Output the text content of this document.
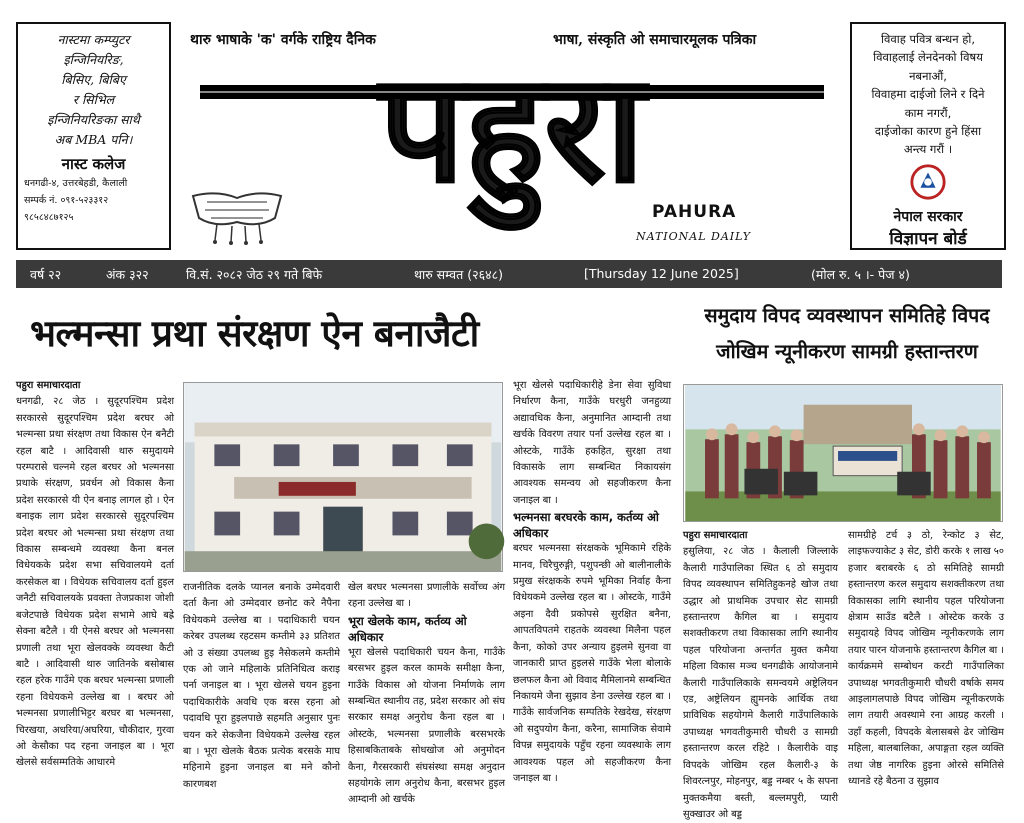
नास्टमा कम्प्युटर
इन्जिनियरिङ,
बिसिए, बिबिए
र सिभिल
इन्जिनियरिङका साथै
अब MBA पनि।
नास्ट कलेज
धनगढी-४, उत्तरबेहडी, कैलाली
सम्पर्क नं. ०९१-५२३३१२
९८५८४८७१२५
थारु भाषाके 'क' वर्गके राष्ट्रिय दैनिक	भाषा, संस्कृति ओ समाचारमूलक पत्रिका
पहुरा PAHURA
NATIONAL DAILY
विवाह पवित्र बन्धन हो,
विवाहलाई लेनदेनको विषय
नबनाऔं,
विवाहमा दाईजो लिने र दिने
काम नगरौं,
दाईजोका कारण हुने हिंसा
अन्त्य गरौं ।
नेपाल सरकार
विज्ञापन बोर्ड
वर्ष २२	अंक ३२२	वि.सं. २०८२ जेठ २९ गते बिफे	थारु सम्वत (२६४८)	[Thursday 12 June 2025]	(मोल रु. ५ ।- पेज ४)
भल्मन्सा प्रथा संरक्षण ऐन बनाजैटी

पहुरा समाचारदाता

धनगढी, २८ जेठ । सुदूरपश्चिम प्रदेश सरकारसे सुदूरपश्चिम प्रदेश बरघर ओ भल्मन्सा प्रथा संरक्षण तथा विकास ऐन बनैटी रहल बाटै । आदिवासी थारु समुदायमे परम्परासे चल्नमे रहल बरघर ओ भल्मनसा प्रथाके संरक्षण, प्रवर्धन ओ विकास कैना प्रदेश सरकारसे यी ऐन बनाइ लागल हो । ऐन बनाइक लाग प्रदेश सरकारसे सुदूरपश्चिम प्रदेश बरघर ओ भल्मन्सा प्रथा संरक्षण तथा विकास सम्बन्धमे व्यवस्था कैना बनल विधेयकके प्रदेश सभा सचिवालयमे दर्ता करसेकल बा । विधेयक सचिवालय दर्ता हुइल जनैटी सचिवालयके प्रवक्ता तेजप्रकाश जोशी बजेटपाछे विधेयक प्रदेश सभामे आघे बह्रे सेक्ना बटैलै । यी ऐनसे बरघर ओ भल्मनसा प्रणाली तथा भूरा खेलवक्के व्यवस्था कैटी बाटै । आदिवासी थारु जातिनके बसोबास रहल हरेक गाउँमे एक बरघर भल्मन्सा प्रणाली रहना विधेयकमे उल्लेख बा । बरघर ओ भल्मनसा प्रणालीभिट्टर बरघर बा भल्मनसा, चिरखया, अधरिया/अघरिया, चौकीदार, गुरवा ओ केसौका पद रहना जनाइल बा । भूरा खेलसे सर्वसम्मतिके आधारमे

राजनीतिक दलके प्यानल बनाके उम्मेदवारी दर्ता कैना ओ उम्मेदवार छनोट करे नैपैना विधेयकमे उल्लेख बा । पदाधिकारी चयन करेबर उपलब्ध रहटसम कम्तीमे ३३ प्रतिशत ओ उ संख्या उपलब्ध हुइ नैसेकलमे कम्तीमे एक ओ जाने महिलाके प्रतिनिधित्व कराइ पर्ना जनाइल बा । भूरा खेलसे चयन हुइना पदाधिकारीके अवधि एक बरस रहना ओ पदावधि पूरा हुइलपाछे सहमति अनुसार पुनः चयन करे सेकजैना विधेयकमे उल्लेख रहल बा । भूरा खेलके बैठक प्रत्येक बरसके माघ महिनामे हुइना जनाइल बा मने कौनो कारणबश

खेल बरघर भल्मनसा प्रणालीके सर्वोच्च अंग रहना उल्लेख बा ।

भूरा खेलके काम, कर्तव्य ओ अधिकार

भूरा खेलसे पदाधिकारी चयन कैना, गाउँके बरसभर हुइल करल कामके समीक्षा कैना, गाउँके विकास ओ योजना निर्माणके लाग सम्बन्धित स्थानीय तह, प्रदेश सरकार ओ संघ सरकार समक्ष अनुरोध कैना रहल बा । ओस्टके, भल्मनसा प्रणालीके बरसभरके हिसाबकिताबके सोधखोज ओ अनुमोदन कैना, गैरसरकारी संघसंस्था समक्ष अनुदान सहयोगके लाग अनुरोध कैना, बरसभर हुइल आम्दानी ओ खर्चके

भूरा खेलसे पदाधिकारीहे डेना सेवा सुविधा निर्धारण कैना, गाउँके घरधुरी जनहुव्या अद्यावधिक कैना, अनुमानित आम्दानी तथा खर्चके विवरण तयार पर्ना उल्लेख रहल बा । ओस्टके, गाउँके हकहित, सुरक्षा तथा विकासके लाग सम्बन्धित निकायसंग आवश्यक समन्वय ओ सहजीकरण कैना जनाइल बा ।

भल्मनसा बरघरके काम, कर्तव्य ओ अधिकार

बरघर भल्मनसा संरक्षकके भूमिकामे रहिके मानव, चिरैचुरुङ्गी, पशुपन्छी ओ बालीनालीके प्रमुख संरक्षकके रुपमे भूमिका निर्वाह कैना विधेयकमे उल्लेख रहल बा । ओस्टके, गाउँमे अइना दैवी प्रकोपसे सुरक्षित बनैना, आपतविपतमे राहतके व्यवस्था मिलैना पहल कैना, कोको उपर अन्याय हुइलमे सुनवा वा जानकारी प्राप्त हुइलसे गाउँके भेला बोलाके छलफल कैना ओ विवाद मैमिलानमे सम्बन्धित निकायमे जैना सुझाव डेना उल्लेख रहल बा । गाउँके सार्वजनिक सम्पतिके रेखदेख, संरक्षण ओ सदुपयोग कैना, करैना, सामाजिक सेवामे विपन्न समुदायके पहुँच रहना व्यवस्थाके लाग आवश्यक पहल ओ सहजीकरण कैना जनाइल बा ।

समुदाय विपद व्यवस्थापन समितिहे विपद
जोखिम न्यूनीकरण सामग्री हस्तान्तरण

पहुरा समाचारदाता

हसुलिया, २८ जेठ । कैलाली जिल्लाके कैलारी गाउँपालिका स्थित ६ ठो समुदाय विपद व्यवस्थापन समितिहुकनहे खोज तथा उद्धार ओ प्राथमिक उपचार सेट सामग्री हस्तान्तरण कैगिल बा । समुदाय सशक्तीकरण तथा विकासका लागि स्थानीय पहल परियोजना अन्तर्गत मुक्त कमैया महिला विकास मञ्च धनगढीके आयोजनामे कैलारी गाउँपालिकाके समन्वयमे अष्ट्रेलियन एड, अष्ट्रेलियन ह्युमनके आर्थिक तथा प्राविधिक सहयोगमे कैलारी गाउँपालिकाके उपाध्यक्ष भगवतीकुमारी चौधरी उ सामग्री हस्तान्तरण करल रहिटे । कैलारीके वाइ विपदके जोखिम रहल कैलारी-३ के शिवरत्नपुर, मोहनपुर, बड्ड नम्बर ५ के सपना मुक्तकमैया बस्ती, बल्लमपुरी, प्यारी सुक्खाउर ओ बड्ड

सामग्रीहे टर्च ३ ठो, रेन्कोट ३ सेट, लाइफज्याकेट ३ सेट, डोरी करके १ लाख ५० हजार बराबरके ६ ठो समितिहे सामग्री हस्तान्तरण करल समुदाय सशक्तीकरण तथा विकासका लागि स्थानीय पहल परियोजना क्षेत्राम साउँड बटैलै । ओस्टेक करके उ समुदायहे विपद जोखिम न्यूनीकरणके लाग तयार पारन योजनाफे हस्तान्तरण कैगिल बा । कार्यक्रममे सम्बोधन करटी गाउँपालिका उपाध्यक्ष भगवतीकुमारी चौधरी वर्षाके समय आइलागलपाछे विपद जोखिम न्यूनीकरणके लाग तयारी अवस्थामे रना आग्रह करली । उहाँ कहली, विपदके बेलासबसे ढेर जोखिम महिला, बालबालिका, अपाङ्गता रहल व्यक्ति तथा जेष्ठ नागरिक हुइना ओरसे समितिसे ध्यानडे रहे बैठना उ सुझाव
